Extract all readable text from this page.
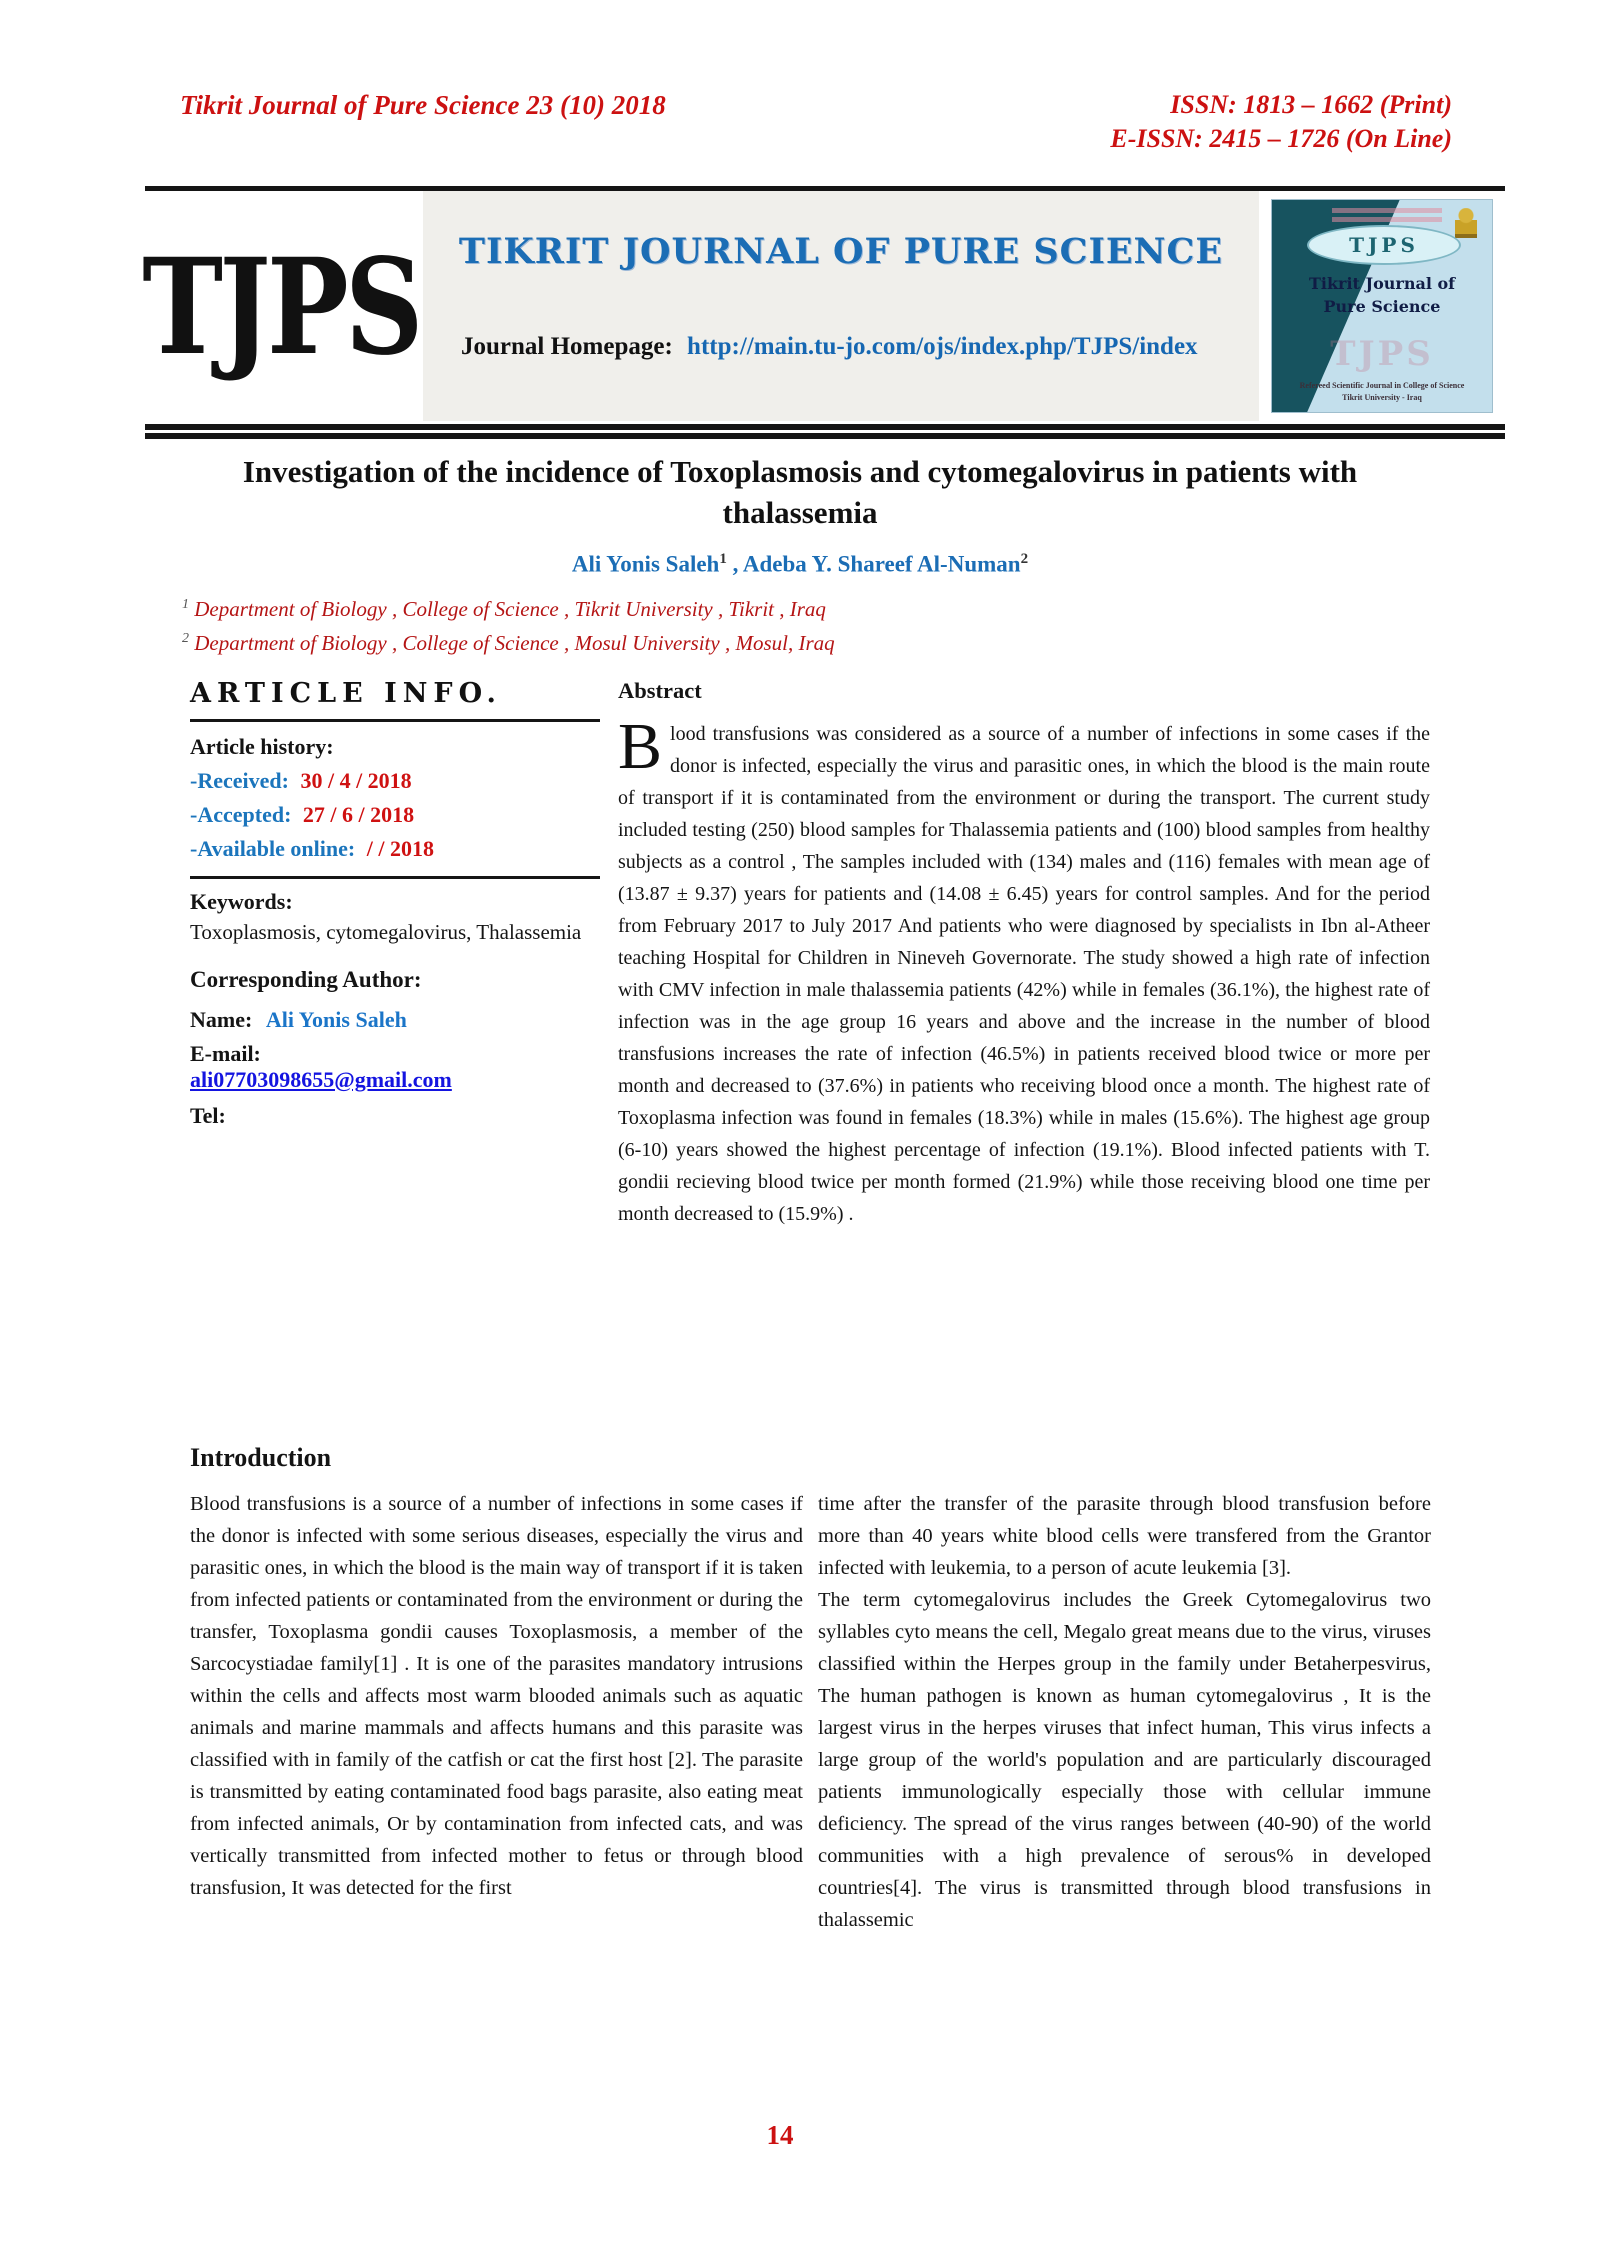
Tikrit Journal of Pure Science 23 (10) 2018	ISSN: 1813 – 1662 (Print)
E-ISSN: 2415 – 1726 (On Line)
TJPS	TIKRIT JOURNAL OF PURE SCIENCE
Journal Homepage: http://main.tu-jo.com/ojs/index.php/TJPS/index
TJPS
Tikrit Journal of
Pure Science
TJPS
Refereed Scientific Journal in College of Science
Tikrit University - Iraq
Investigation of the incidence of Toxoplasmosis and cytomegalovirus in patients with thalassemia
Ali Yonis Saleh$^1$ , Adeba Y. Shareef Al-Numan$^2$
$^1$ Department of Biology , College of Science , Tikrit University , Tikrit , Iraq
$^2$ Department of Biology , College of Science , Mosul University , Mosul, Iraq
ARTICLE INFO.
Article history:
-Received: 30 / 4 / 2018
-Accepted: 27 / 6 / 2018
-Available online: / / 2018
Keywords:
Toxoplasmosis, cytomegalovirus, Thalassemia
Corresponding Author:
Name: Ali Yonis Saleh
E-mail:
ali07703098655@gmail.com
Tel:
Abstract

Blood transfusions was considered as a source of a number of infections in some cases if the donor is infected, especially the virus and parasitic ones, in which the blood is the main route of transport if it is contaminated from the environment or during the transport. The current study included testing (250) blood samples for Thalassemia patients and (100) blood samples from healthy subjects as a control , The samples included with (134) males and (116) females with mean age of (13.87 ± 9.37) years for patients and (14.08 ± 6.45) years for control samples. And for the period from February 2017 to July 2017 And patients who were diagnosed by specialists in Ibn al-Atheer teaching Hospital for Children in Nineveh Governorate. The study showed a high rate of infection with CMV infection in male thalassemia patients (42%) while in females (36.1%), the highest rate of infection was in the age group 16 years and above and the increase in the number of blood transfusions increases the rate of infection (46.5%) in patients received blood twice or more per month and decreased to (37.6%) in patients who receiving blood once a month. The highest rate of Toxoplasma infection was found in females (18.3%) while in males (15.6%). The highest age group (6-10) years showed the highest percentage of infection (19.1%). Blood infected patients with T. gondii recieving blood twice per month formed (21.9%) while those receiving blood one time per month decreased to (15.9%) .

Introduction

Blood transfusions is a source of a number of infections in some cases if the donor is infected with some serious diseases, especially the virus and parasitic ones, in which the blood is the main way of transport if it is taken from infected patients or contaminated from the environment or during the transfer, Toxoplasma gondii causes Toxoplasmosis, a member of the Sarcocystiadae family[1] . It is one of the parasites mandatory intrusions within the cells and affects most warm blooded animals such as aquatic animals and marine mammals and affects humans and this parasite was classified with in family of the catfish or cat the first host [2]. The parasite is transmitted by eating contaminated food bags parasite, also eating meat from infected animals, Or by contamination from infected cats, and was vertically transmitted from infected mother to fetus or through blood transfusion, It was detected for the first

time after the transfer of the parasite through blood transfusion before more than 40 years white blood cells were transfered from the Grantor infected with leukemia, to a person of acute leukemia [3].

The term cytomegalovirus includes the Greek Cytomegalovirus two syllables cyto means the cell, Megalo great means due to the virus, viruses classified within the Herpes group in the family under Betaherpesvirus, The human pathogen is known as human cytomegalovirus , It is the largest virus in the herpes viruses that infect human, This virus infects a large group of the world's population and are particularly discouraged patients immunologically especially those with cellular immune deficiency. The spread of the virus ranges between (40-90) of the world communities with a high prevalence of serous% in developed countries[4]. The virus is transmitted through blood transfusions in thalassemic

14
